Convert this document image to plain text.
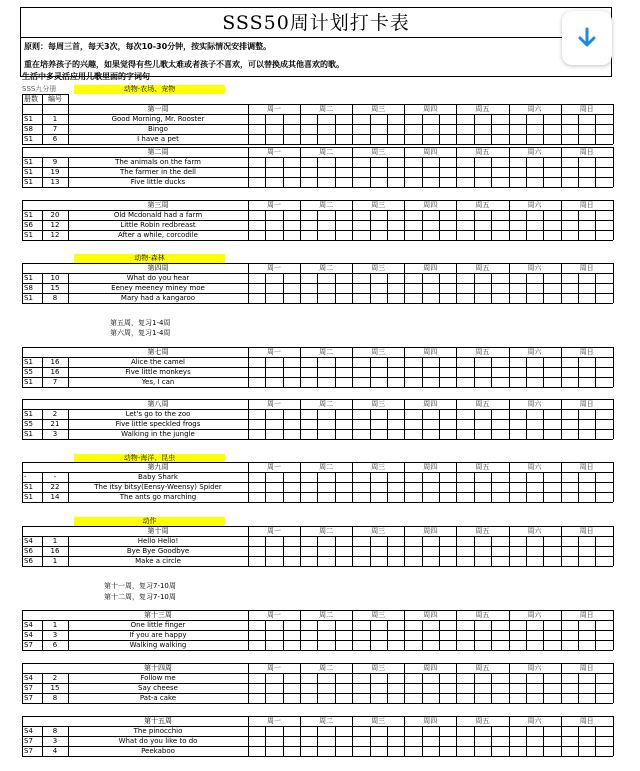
SSS50周计划打卡表
原则：每周三首，每天3次，每次10-30分钟，按实际情况安排调整。
重在培养孩子的兴趣，如果觉得有些儿歌太难或者孩子不喜欢，可以替换成其他喜欢的歌。
生活中多灵活应用儿歌里面的字词句
SSS九分册	动物-农场、宠物
动物-森林
动物-海洋、昆虫
动作
册数	编号
第一周	周一	周二	周三	周四	周五	周六	周日
S1	1	Good Morning, Mr. Rooster
S8	7	Bingo
S1	6	I have a pet
第二周	周一	周二	周三	周四	周五	周六	周日
S1	9	The animals on the farm
S1	19	The farmer in the dell
S1	13	Five little ducks
第三周	周一	周二	周三	周四	周五	周六	周日
S1	20	Old Mcdonald had a farm
S6	12	Little Robin redbreast
S1	12	After a while, corcodile
第四周	周一	周二	周三	周四	周五	周六	周日
S1	10	What do you hear
S8	15	Eeney meeney miney moe
S1	8	Mary had a kangaroo
第七周	周一	周二	周三	周四	周五	周六	周日
S1	16	Alice the camel
S5	16	Five little monkeys
S1	7	Yes, I can
第八周	周一	周二	周三	周四	周五	周六	周日
S1	2	Let's go to the zoo
S5	21	Five little speckled frogs
S1	3	Walking in the jungle
第九周	周一	周二	周三	周四	周五	周六	周日
-	-	Baby Shark
S1	22	The itsy bitsy(Eensy-Weensy) Spider
S1	14	The ants go marching
第十周	周一	周二	周三	周四	周五	周六	周日
S4	1	Hello Hello!
S6	16	Bye Bye Goodbye
S6	1	Make a circle
第十三周	周一	周二	周三	周四	周五	周六	周日
S4	1	One little finger
S4	3	If you are happy
S7	6	Walking walking
第十四周	周一	周二	周三	周四	周五	周六	周日
S4	2	Follow me
S7	15	Say cheese
S7	8	Pat-a cake
第十五周	周一	周二	周三	周四	周五	周六	周日
S4	8	The pinocchio
S7	3	What do you like to do
S7	4	Peekaboo
第五周，复习1-4周
第六周，复习1-4周
第十一周，复习7-10周
第十二周，复习7-10周
